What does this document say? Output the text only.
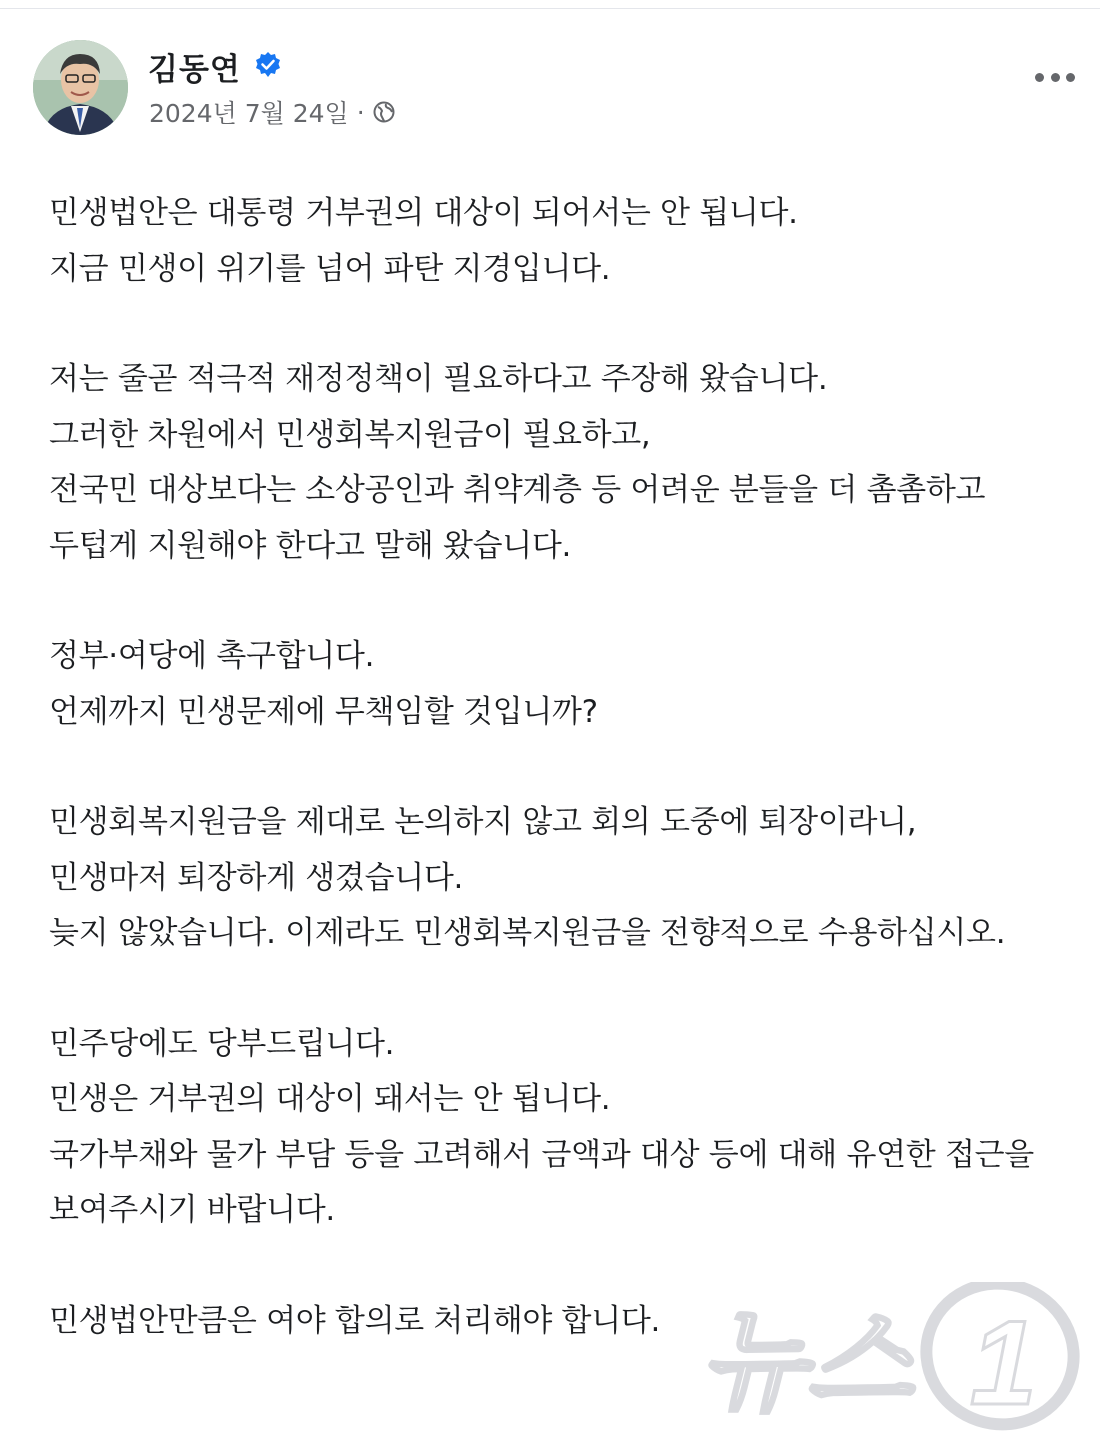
김동연
2024년 7월 24일 ·
민생법안은 대통령 거부권의 대상이 되어서는 안 됩니다.
지금 민생이 위기를 넘어 파탄 지경입니다.
저는 줄곧 적극적 재정정책이 필요하다고 주장해 왔습니다.
그러한 차원에서 민생회복지원금이 필요하고,
전국민 대상보다는 소상공인과 취약계층 등 어려운 분들을 더 촘촘하고
두텁게 지원해야 한다고 말해 왔습니다.
정부·여당에 촉구합니다.
언제까지 민생문제에 무책임할 것입니까?
민생회복지원금을 제대로 논의하지 않고 회의 도중에 퇴장이라니,
민생마저 퇴장하게 생겼습니다.
늦지 않았습니다. 이제라도 민생회복지원금을 전향적으로 수용하십시오.
민주당에도 당부드립니다.
민생은 거부권의 대상이 돼서는 안 됩니다.
국가부채와 물가 부담 등을 고려해서 금액과 대상 등에 대해 유연한 접근을
보여주시기 바랍니다.
민생법안만큼은 여야 합의로 처리해야 합니다. 뉴스 1
